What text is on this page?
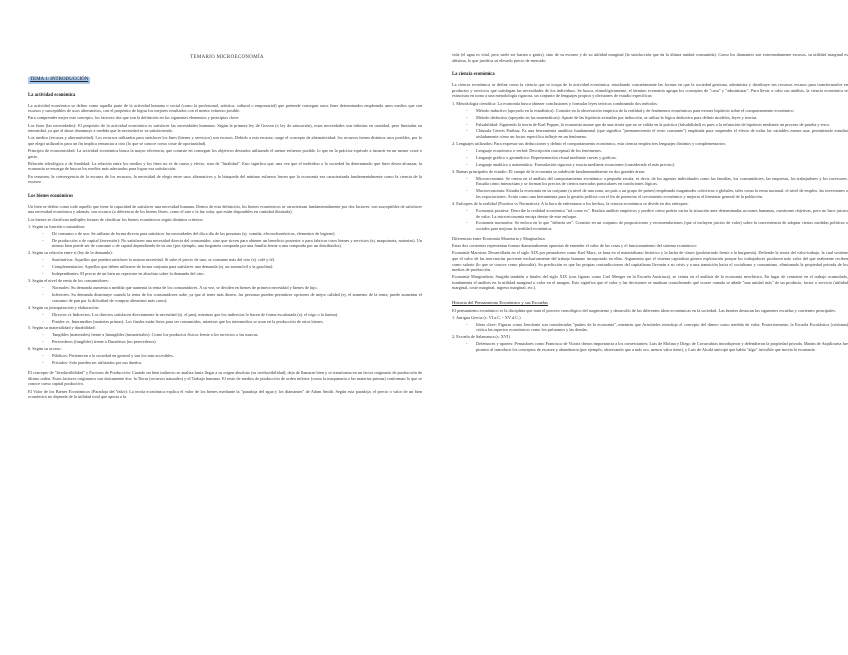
TEMARIO MICROECONOMÍA
TEMA 1: INTRODUCCIÓN
La actividad económica

La actividad económica se define como aquella parte de la actividad humana o social (como la profesional, artística, cultural o empresarial) que pretende conseguir unos fines determinados empleando unos medios que son escasos y susceptibles de usos alternativos, con el propósito de lograr los mejores resultados con el menor esfuerzo posible.

Para comprender mejor este concepto, los factores dos que son la definición en los siguientes elementos y principios clave:

Los fines (las necesidades): El propósito de la actividad económica es satisfacer las necesidades humanas. Según la primera ley de Gossen (o ley de saturación), estas necesidades son infinitas en cantidad, pero limitadas en intensidad, ya que al darse disminuye a medida que la necesidad se va satisfaciendo.

Los medios (escasez y alternatividad): Los recursos utilizados para satisfacer los fines (bienes y servicios) son escasos. Debido a esta escasez, surge el concepto de alternatividad: los recursos tienen distintos usos posibles, por lo que elegir utilizarlos para un fin implica renunciar a otro (lo que se conoce como coste de oportunidad).

Principio de economicidad: La actividad económica busca la mayor eficiencia, que consiste en conseguir los objetivos deseados utilizando el menor esfuerzo posible, lo que en la práctica equivale a incurrir en un menor coste o gasto.

Relación teleológica o de finalidad: La relación entre los medios y los fines no es de causa y efecto, sino de "finalidad". Esto significa que, una vez que el individuo o la sociedad ha determinado qué fines desea alcanzar, la economía se encarga de buscar los medios más adecuados para lograr esa satisfacción.

En resumen, la convergencia de la escasez de los recursos, la necesidad de elegir entre usos alternativos y la búsqueda del mínimo esfuerzo hacen que la economía sea caracterizada fundamentalmente como la ciencia de la escasez.

Los bienes económicos

Un bien se define como todo aquello que tiene la capacidad de satisfacer una necesidad humana. Dentro de esta definición, los bienes económicos se caracterizan fundamentalmente por dos factores: son susceptibles de satisfacer una necesidad económica y además, son escasos (a diferencia de los bienes libres, como el aire o la luz solar, que están disponibles en cantidad ilimitada).

Los bienes se clasifican múltiples formas de clasificar los bienes económicos según distintos criterios:

1. Según su función o naturaleza:

- De consumo o de uso: Se utilizan de forma directa para satisfacer las necesidades del día a día de las personas (ej. comida, electrodomésticos, elementos de higiene).

- De producción o de capital (inversión): No satisfacen una necesidad directa del consumidor, sino que sirven para obtener un beneficio posterior o para fabricar otros bienes y servicios (ej. maquinaria, materias). Un mismo bien puede ser de consumo o de capital dependiendo de su uso (por ejemplo, una furgoneta comprada por una familia frente a una comprada por un distribuidor).

2. Según su relación entre sí (ley de la demanda):

- Sustitutivos: Aquellos que pueden satisfacer la misma necesidad. Si sube el precio de uno, se consume más del otro (ej. café y té).

- Complementarios: Aquellos que deben utilizarse de forma conjunta para satisfacer una demanda (ej. un automóvil y la gasolina).

- Independientes: El precio de un bien no repercute en absoluto sobre la demanda del otro.

3. Según el nivel de renta de los consumidores:

- Normales: Su demanda aumenta a medida que aumenta la renta de los consumidores. A su vez, se dividen en bienes de primera necesidad y bienes de lujo.

- Inferiores: Su demanda disminuye cuando la renta de los consumidores sube, ya que al tener más dinero, las personas pueden permitirse opciones de mejor calidad (ej. el aumento de la renta, puede aumentar el consumo de pan por la dificultad de comprar alimentos más caros).

4. Según su jerarquización y elaboración:

- Directos vs Indirectos: Los directos satisfacen directamente la necesidad (ej. el pan), mientras que los indirectos lo hacen de forma escalonada (ej. el trigo o la harina).

- Finales vs. Intermedios (materias primas): Los finales están listos para ser consumidos, mientras que los intermedios se usan en la producción de otros bienes.

5. Según su materialidad y durabilidad:

- Tangibles (materiales) frente a Intangibles (inmateriales): Como los productos físicos frente a los servicios o las marcas.

- Perecederos (fungibles) frente a Duraderos (no perecederos).

6. Según su acceso:

- Públicos: Pertenecen a la sociedad en general y son los más accesibles.

- Privados: Solo pueden ser utilizados por sus dueños.

El concepto de "Irreductibilidad" y Factores de Producción: Cuando un bien indirecto se analiza hasta llegar a su origen absoluto (su irreductibilidad), deja de llamarse bien y se transforma en un factor originario de producción de último orden. Estos factores originarios son únicamente dos: la Tierra (recursos naturales) y el Trabajo humano. El resto de medios de producción de orden inferior (como la maquinaria o las materias primas) conforman lo que se conoce como capital productivo.

El Valor de los Bienes Económicos (Paradoja del Valor): La teoría económica explica el valor de los bienes mediante la "paradoja del agua y los diamantes" de Adam Smith. Según esta paradoja, el precio o valor de un bien económico no depende de la utilidad total que aporta a la

vida (el agua es vital, pero suele ser barata o gratis), sino de su escasez y de su utilidad marginal (la satisfacción que da la última unidad consumida). Como los diamantes son extremadamente escasos, su utilidad marginal es altísima, lo que justifica su elevado precio de mercado.

La ciencia económica

La ciencia económica se define como la ciencia que se ocupa de la actividad económica, estudiando concretamente las formas en que la sociedad gestiona, administra y distribuye sus recursos escasos para transformarlos en productos y servicios que satisfagan las necesidades de los individuos. Se busca, etimológicamente, el término economía agrupa los conceptos de "casa" y "administrar". Para llevar a cabo sus análisis, la ciencia económica se estructura en torno a una metodología rigurosa, un conjunto de lenguajes propios y divisiones de estudio específicas:

1. Metodología científica: La economía busca obtener conclusiones y formular leyes teóricas combinando dos métodos:

- Método inductivo (apoyado en la estadística): Consiste en la observación empírica de la realidad y de fenómenos económicos para extraer hipótesis sobre el comportamiento económico.

- Método deductivo (apoyado en las matemáticas): Aparte de las hipótesis extraídas por inducción, se utiliza la lógica deductiva para definir modelos, leyes y teorías.

- Falsabilidad: Siguiendo la teoría de Karl Popper, la economía asume que de una teoría que no se valida en la práctica (falsabilidad) es pues a la refutación de hipótesis mediante un proceso de prueba y error.

- Cláusula Ceteris Paribus: Es una herramienta analítica fundamental (que significa "permaneciendo el resto constante") empleada para suspender el efecto de todas las variables menos una, permitiendo estudiar aisladamente cómo un factor específico influye en un fenómeno.

2. Lenguajes utilizados: Para expresar sus deducciones y definir el comportamiento económico, esta ciencia emplea tres lenguajes distintos y complementarios:

- Lenguaje económico o verbal: Descripción conceptual de los fenómenos.

- Lenguaje gráfico o geométrico: Representación visual mediante curvas y gráficas.

- Lenguaje analítico o matemático: Formulación rigurosa y exacta mediante ecuaciones (considerado el más preciso).

3. Ramas principales de estudio: El campo de la economía se subdivide fundamentalmente en dos grandes áreas:

- Microeconomía: Se centra en el análisis del comportamiento económico a pequeña escala, es decir, de los agentes individuales como las familias, los consumidores, las empresas, los trabajadores y los inversores. Estudia cómo interactúan y se forman los precios de ciertos mercados particulares en condiciones lógicas.

- Macroeconomía: Estudia la economía en su conjunto (a nivel de una zona, un país o un grupo de países) empleando magnitudes colectivas o globales, tales como la renta nacional, el nivel de empleo, las inversiones o las exportaciones. Actúa como una herramienta para la gestión política con el fin de potenciar el crecimiento económico y mejorar el bienestar general de la población.

4. Enfoques de la realidad (Positiva vs Normativa): A la hora de enfrentarse a los hechos, la ciencia económica se divide en dos enfoques:

- Economía positiva: Describe la realidad económica "tal como es". Realiza análisis empíricos y predice cómo podría variar la situación ante determinadas acciones humanas, cuestiones objetivas, pero no hace juicios de valor. La microeconomía encaja dentro de este enfoque.

- Economía normativa: Se enfoca en lo que "debería ser". Consiste en un conjunto de proposiciones y recomendaciones (que sí incluyen juicios de valor) sobre la conveniencia de adoptar ciertas medidas políticas o sociales para mejorar la realidad económica.

Diferencias entre Economía Monetaria y Marginalista

Estas dos corrientes representan formas diametralmente opuestas de entender el valor de las cosas y el funcionamiento del sistema económico:

Economía Marxista: Desarrollada en el siglo XIX por pensadores como Karl Marx, se basa en el materialismo histórico y la lucha de clases (proletariado frente a la burguesía). Defiende la teoría del valor-trabajo, la cual sostiene que el valor de las mercancías proviene exclusivamente del trabajo humano incorporado en ellas. Argumenta que el sistema capitalista genera explotación porque los trabajadores producen más valor del que realmente reciben como salario (lo que se conoce como plusvalía). Su predicción es que las propias contradicciones del capitalismo llevarán a su crisis y a una transición hacia el socialismo y comunismo, eliminando la propiedad privada de los medios de producción.

Economía Marginalista: Surgida también a finales del siglo XIX (con figuras como Carl Menger en la Escuela Austriaca), se centra en el análisis de la economía neoclásica. En lugar de centrarse en el trabajo acumulado, fundamenta el análisis en la utilidad marginal o valor en el margen. Esto significa que el valor y las decisiones se analizan considerando qué ocurre cuando se añade "una unidad más" de un producto, factor o servicio (utilidad marginal, coste marginal, ingreso marginal, etc.).

Historia del Pensamiento Económico y sus Escuelas

El pensamiento económico es la disciplina que trata el proceso cronológico del surgimiento y desarrollo de las diferentes ideas económicas en la sociedad. Las fuentes destacan las siguientes escuelas y corrientes principales:

1. Antigua Grecia (s. VI a.C. - XV d.C.)

- Ideas clave: Figuras como Jenofonte son consideradas "padres de la economía", mientras que Aristóteles introdujo el concepto del dinero como medida de valor. Posteriormente, la Escuela Escolástica (cristiana) critica las aspectos económicos como los préstamos y las deudas.

2. Escuela de Salamanca (s. XVI)

- Defensores y aportes: Pensadores como Francisco de Vitoria dieron importancia a los comerciantes; Luis de Molina y Diego de Covarrubias introdujeron y defendieron la propiedad privada. Martín de Azpilicueta fue pionero al introducir los conceptos de escasez y abundancia (por ejemplo, observando que a más oro, menos valor tiene), y Luis de Alcalá anticipó que había "algo" invisible que movía la economía.
